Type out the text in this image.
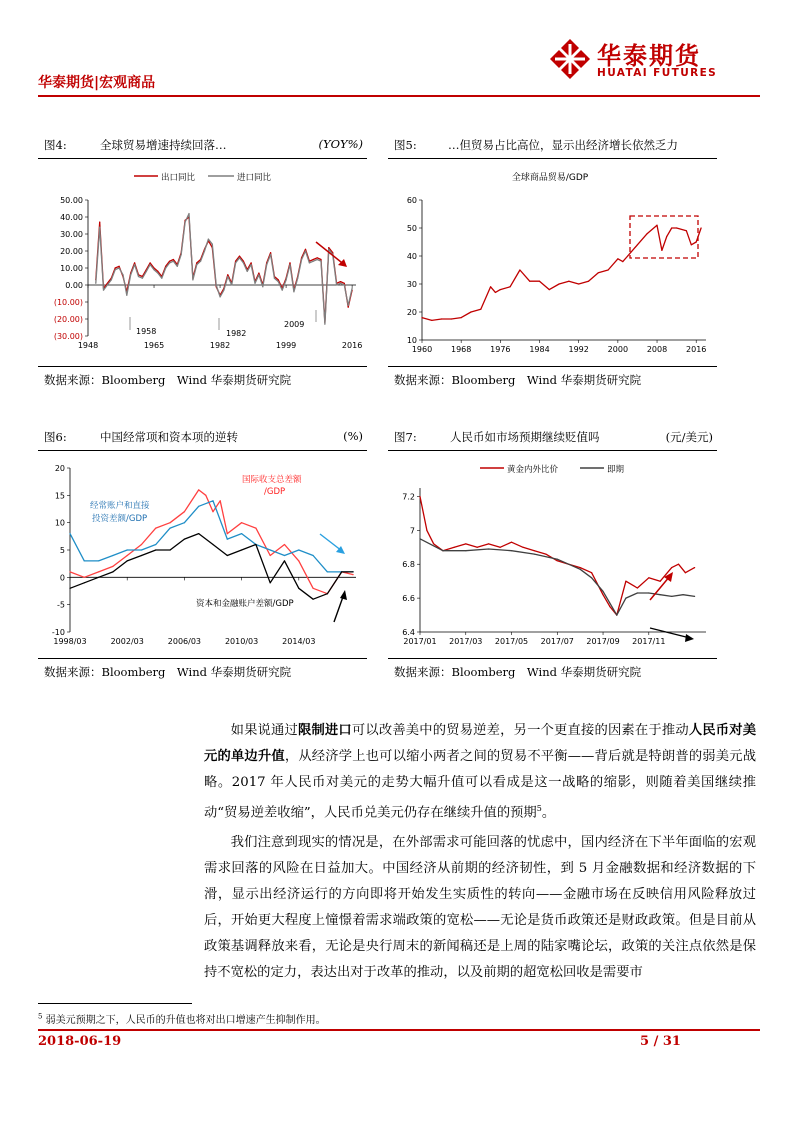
华泰期货|宏观商品
华泰期货
HUATAI FUTURES
图4:	全球贸易增速持续回落…	(YOY%)
出口同比	进口同比
50.00
40.00
30.00
20.00
10.00
0.00
(10.00)
(20.00)
(30.00)
1948	1965	1982	1999	2016
1958	1982
2009
数据来源：Bloomberg　Wind 华泰期货研究院
图5:	…但贸易占比高位，显示出经济增长依然乏力
全球商品贸易/GDP
10
20
30
40
50
60
1960 1968 1976 1984 1992 2000 2008 2016
数据来源：Bloomberg　Wind 华泰期货研究院
图6:	中国经常项和资本项的逆转	(%)
-10
-5
0
5
10
15
20
1998/03	2002/03	2006/03	2010/03	2014/03
国际收支总差额
/GDP
经常账户和直接
投资差额/GDP
资本和金融账户差额/GDP
数据来源：Bloomberg　Wind 华泰期货研究院
图7:	人民币如市场预期继续贬值吗	(元/美元)
黄金内外比价	即期
6.4
6.6
6.8
7
7.2
2017/01 2017/03 2017/05 2017/07 2017/09 2017/11
数据来源：Bloomberg　Wind 华泰期货研究院

如果说通过限制进口可以改善美中的贸易逆差，另一个更直接的因素在于推动人民币对美元的单边升值，从经济学上也可以缩小两者之间的贸易不平衡——背后就是特朗普的弱美元战略。2017 年人民币对美元的走势大幅升值可以看成是这一战略的缩影，则随着美国继续推动“贸易逆差收缩”，人民币兑美元仍存在继续升值的预期$^5$。

我们注意到现实的情况是，在外部需求可能回落的忧虑中，国内经济在下半年面临的宏观需求回落的风险在日益加大。中国经济从前期的经济韧性，到 5 月金融数据和经济数据的下滑，显示出经济运行的方向即将开始发生实质性的转向——金融市场在反映信用风险释放过后，开始更大程度上憧憬着需求端政策的宽松——无论是货币政策还是财政政策。但是目前从政策基调释放来看，无论是央行周末的新闻稿还是上周的陆家嘴论坛，政策的关注点依然是保持不宽松的定力，表达出对于改革的推动，以及前期的超宽松回收是需要市

$^5$ 弱美元预期之下，人民币的升值也将对出口增速产生抑制作用。
2018-06-19	5 / 31
